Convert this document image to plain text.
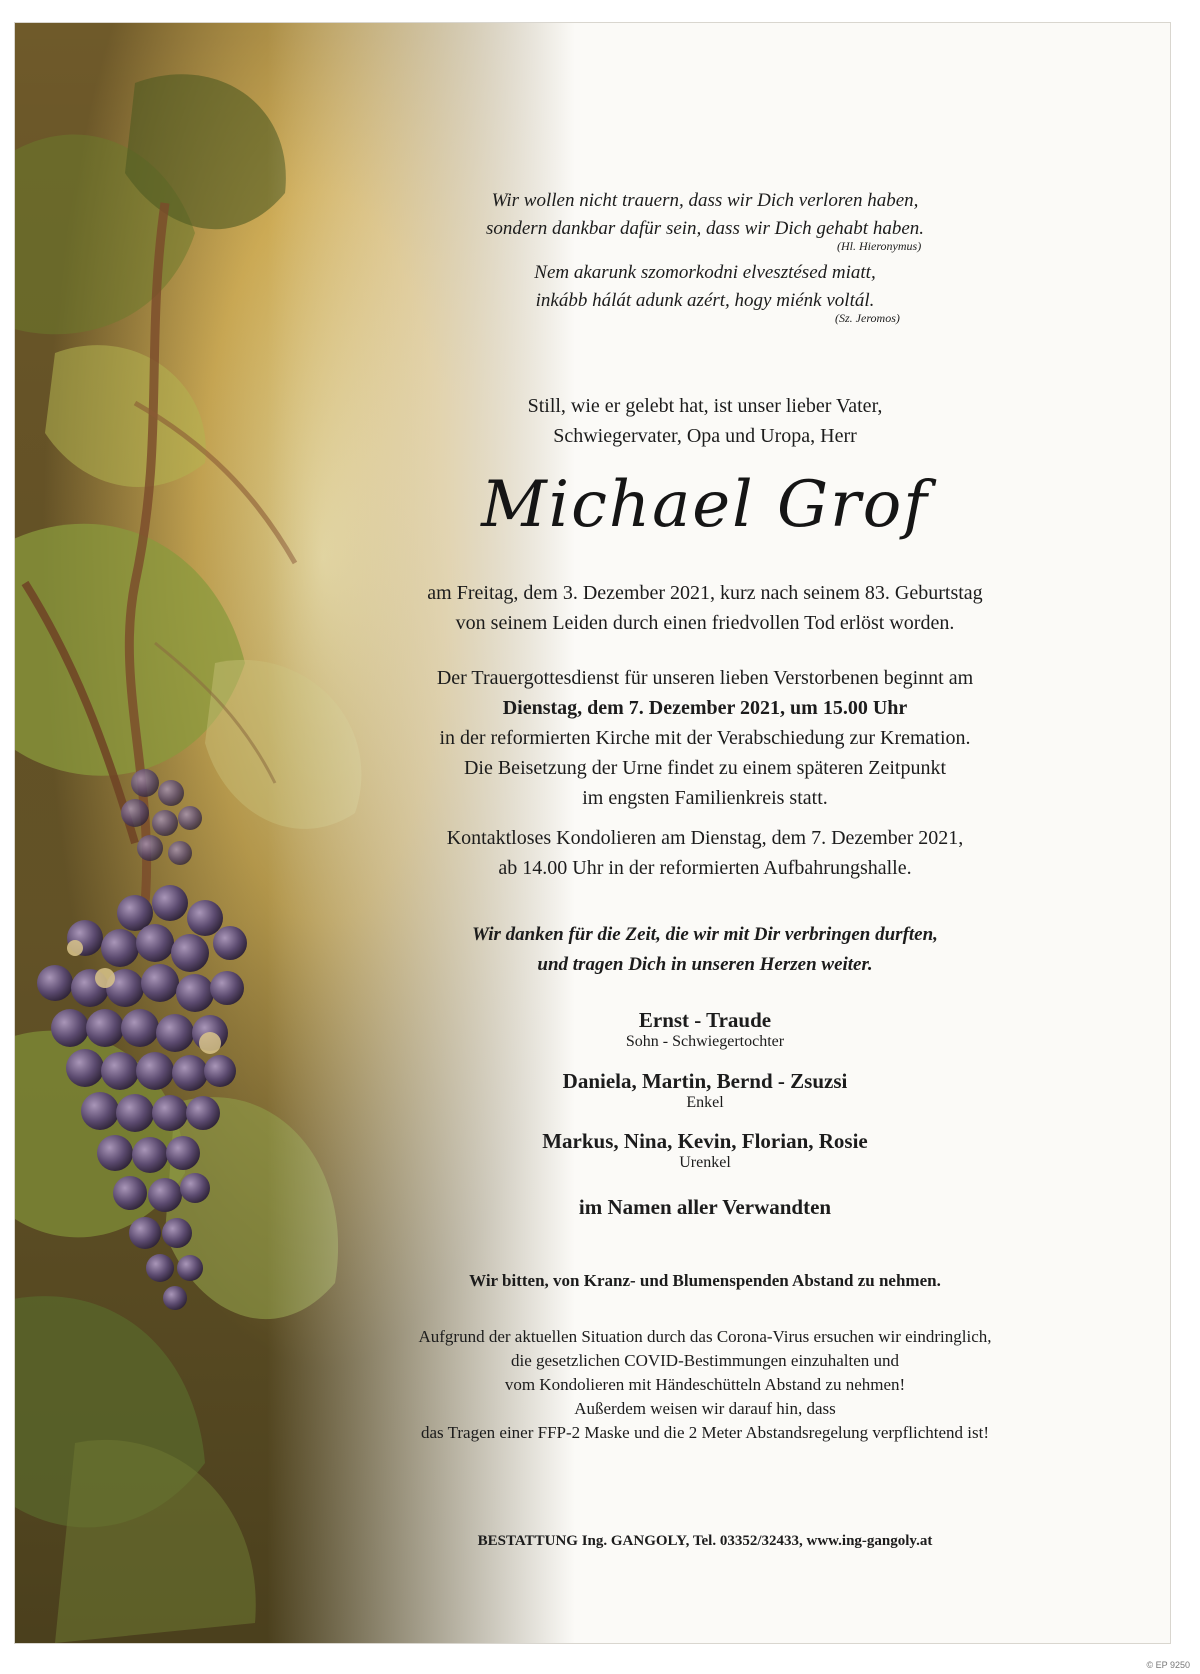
Wir wollen nicht trauern, dass wir Dich verloren haben,
sondern dankbar dafür sein, dass wir Dich gehabt haben.
(Hl. Hieronymus)
Nem akarunk szomorkodni elvesztésed miatt,
inkább hálát adunk azért, hogy miénk voltál.
(Sz. Jeromos)
Still, wie er gelebt hat, ist unser lieber Vater,
Schwiegervater, Opa und Uropa, Herr
Michael Grof
am Freitag, dem 3. Dezember 2021, kurz nach seinem 83. Geburtstag
von seinem Leiden durch einen friedvollen Tod erlöst worden.
Der Trauergottesdienst für unseren lieben Verstorbenen beginnt am
Dienstag, dem 7. Dezember 2021, um 15.00 Uhr
in der reformierten Kirche mit der Verabschiedung zur Kremation.
Die Beisetzung der Urne findet zu einem späteren Zeitpunkt
im engsten Familienkreis statt.
Kontaktloses Kondolieren am Dienstag, dem 7. Dezember 2021,
ab 14.00 Uhr in der reformierten Aufbahrungshalle.
Wir danken für die Zeit, die wir mit Dir verbringen durften,
und tragen Dich in unseren Herzen weiter.
Ernst - Traude
Sohn - Schwiegertochter
Daniela, Martin, Bernd - Zsuzsi
Enkel
Markus, Nina, Kevin, Florian, Rosie
Urenkel
im Namen aller Verwandten
Wir bitten, von Kranz- und Blumenspenden Abstand zu nehmen.
Aufgrund der aktuellen Situation durch das Corona-Virus ersuchen wir eindringlich,
die gesetzlichen COVID-Bestimmungen einzuhalten und
vom Kondolieren mit Händeschütteln Abstand zu nehmen!
Außerdem weisen wir darauf hin, dass
das Tragen einer FFP-2 Maske und die 2 Meter Abstandsregelung verpflichtend ist!
BESTATTUNG Ing. GANGOLY, Tel. 03352/32433, www.ing-gangoly.at
© EP 9250
